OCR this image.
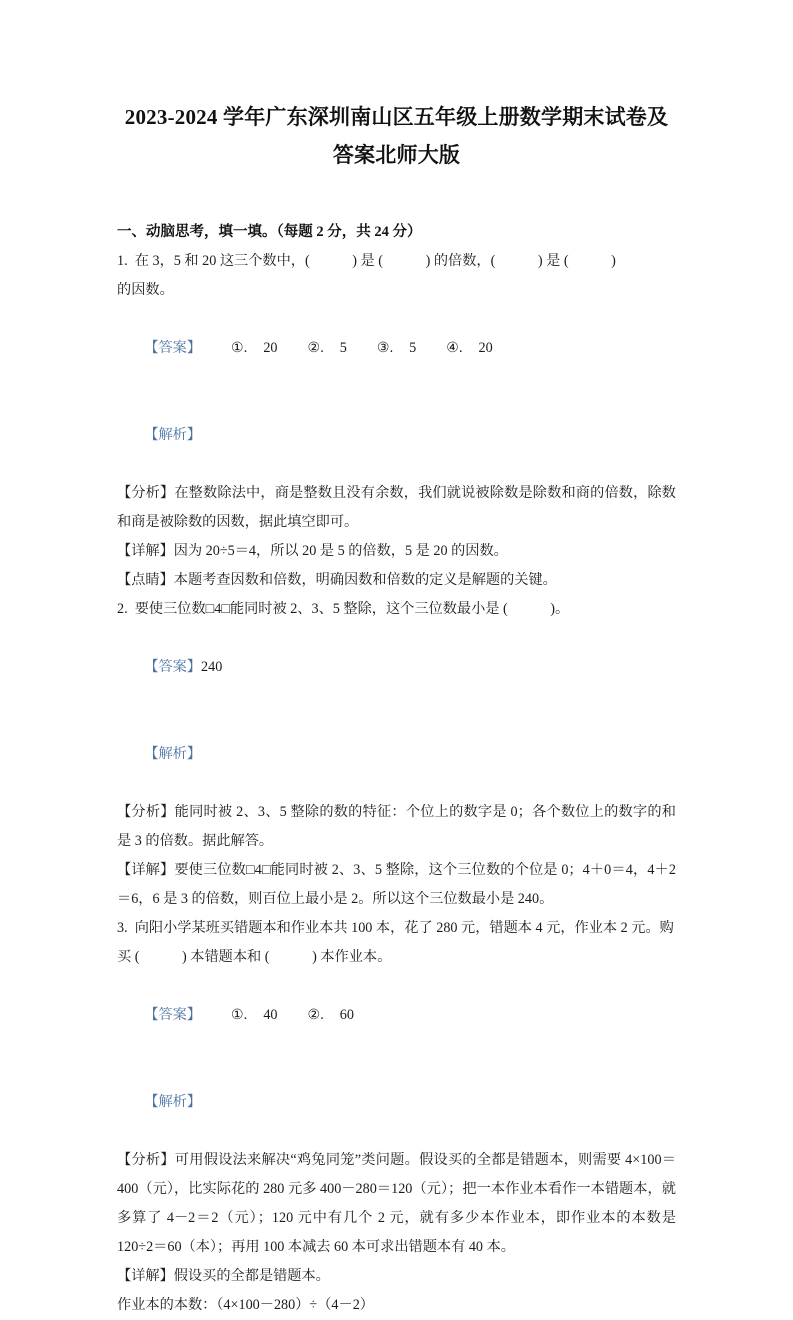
2023-2024 学年广东深圳南山区五年级上册数学期末试卷及
答案北师大版
一、动脑思考，填一填。（每题 2 分，共 24 分）
1.  在 3，5 和 20 这三个数中，(            ) 是 (            ) 的倍数，(            ) 是 (            )
的因数。

【答案】 ①. 20 ②. 5 ③. 5 ④. 20

【解析】

【分析】在整数除法中，商是整数且没有余数，我们就说被除数是除数和商的倍数，除数和商是被除数的因数，据此填空即可。
【详解】因为 20÷5＝4，所以 20 是 5 的倍数，5 是 20 的因数。
【点睛】本题考查因数和倍数，明确因数和倍数的定义是解题的关键。
2.  要使三位数□4□能同时被 2、3、5 整除，这个三位数最小是 (            )。

【答案】240

【解析】

【分析】能同时被 2、3、5 整除的数的特征：个位上的数字是 0；各个数位上的数字的和是 3 的倍数。据此解答。
【详解】要使三位数□4□能同时被 2、3、5 整除，这个三位数的个位是 0；4＋0＝4，4＋2＝6，6 是 3 的倍数，则百位上最小是 2。所以这个三位数最小是 240。
3.  向阳小学某班买错题本和作业本共 100 本，花了 280 元，错题本 4 元，作业本 2 元。购
买 (            ) 本错题本和 (            ) 本作业本。

【答案】 ①. 40 ②. 60

【解析】

【分析】可用假设法来解决“鸡兔同笼”类问题。假设买的全都是错题本，则需要 4×100＝400（元），比实际花的 280 元多 400－280＝120（元）；把一本作业本看作一本错题本，就多算了 4－2＝2（元）；120 元中有几个 2 元，就有多少本作业本，即作业本的本数是 120÷2＝60（本）；再用 100 本减去 60 本可求出错题本有 40 本。
【详解】假设买的全都是错题本。
作业本的本数：（4×100－280）÷（4－2）
